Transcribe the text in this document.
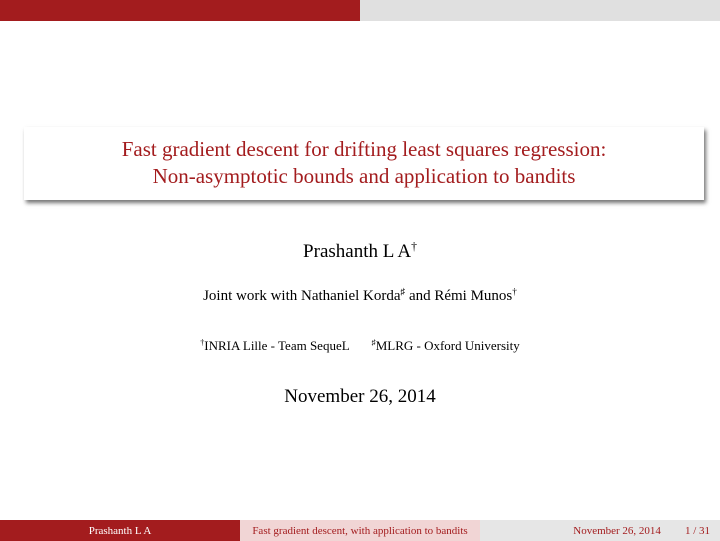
Fast gradient descent for drifting least squares regression:
Non-asymptotic bounds and application to bandits
Prashanth L A†
Joint work with Nathaniel Korda♯ and Rémi Munos†
†INRIA Lille - Team SequeL	♯MLRG - Oxford University
November 26, 2014
Prashanth L A	Fast gradient descent, with application to bandits	November 26, 2014 1 / 31
